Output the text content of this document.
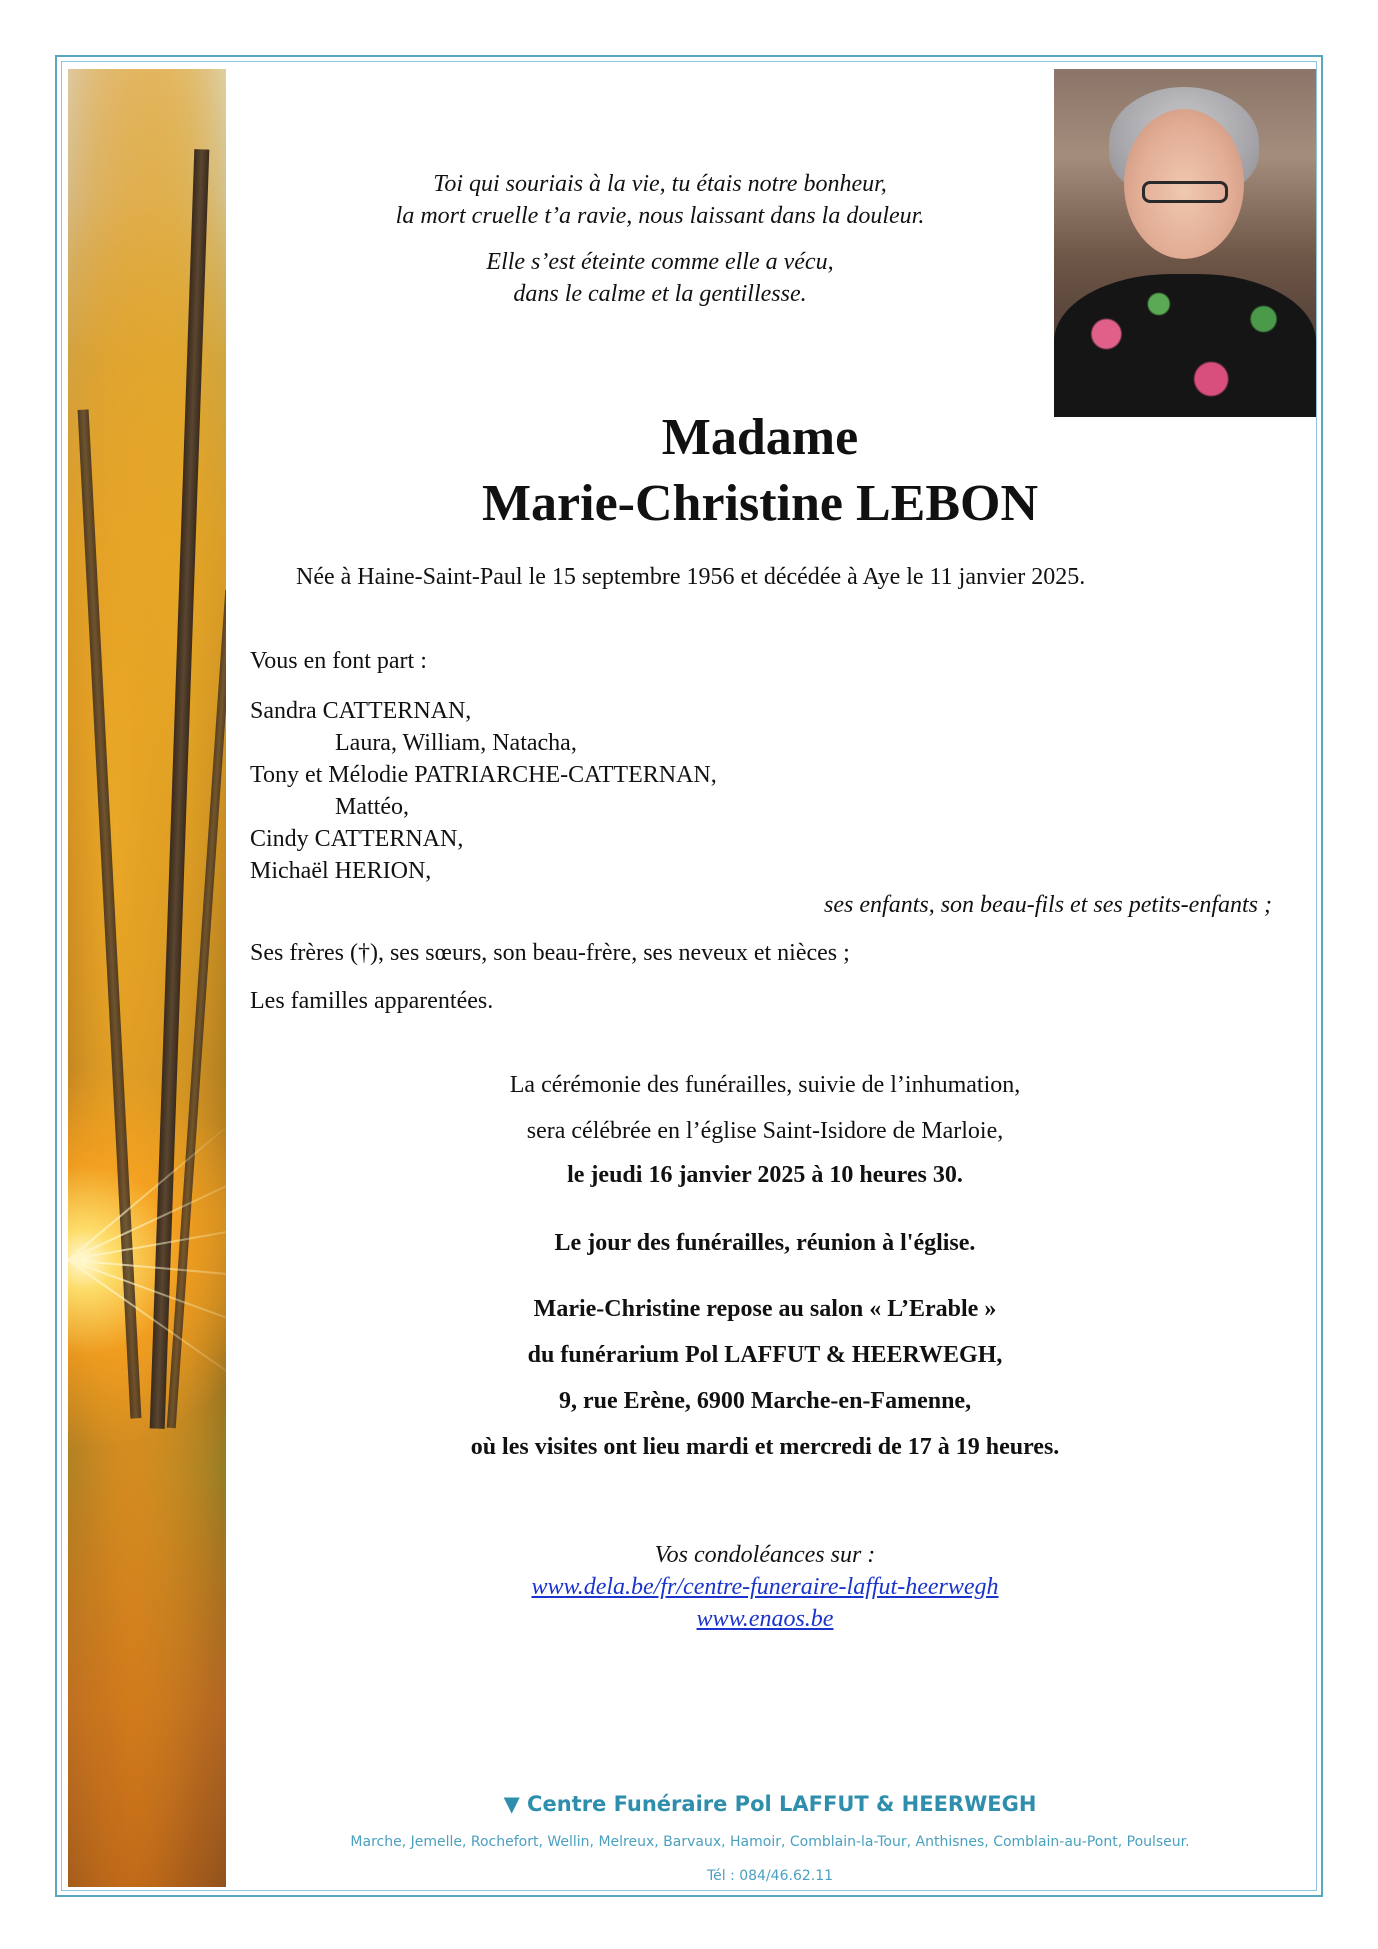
Toi qui souriais à la vie, tu étais notre bonheur,
la mort cruelle t’a ravie, nous laissant dans la douleur.
Elle s’est éteinte comme elle a vécu,
dans le calme et la gentillesse.
Madame
Marie-Christine LEBON
Née à Haine-Saint-Paul le 15 septembre 1956 et décédée à Aye le 11 janvier 2025.
Vous en font part :
Sandra CATTERNAN,
Laura, William, Natacha,
Tony et Mélodie PATRIARCHE-CATTERNAN,
Mattéo,
Cindy CATTERNAN,
Michaël HERION,
ses enfants, son beau-fils et ses petits-enfants ;
Ses frères (†), ses sœurs, son beau-frère, ses neveux et nièces ;
Les familles apparentées.
La cérémonie des funérailles, suivie de l’inhumation,
sera célébrée en l’église Saint-Isidore de Marloie,
le jeudi 16 janvier 2025 à 10 heures 30.
Le jour des funérailles, réunion à l'église.
Marie-Christine repose au salon « L’Erable »
du funérarium Pol LAFFUT & HEERWEGH,
9, rue Erène, 6900 Marche-en-Famenne,
où les visites ont lieu mardi et mercredi de 17 à 19 heures.
Vos condoléances sur :
www.dela.be/fr/centre-funeraire-laffut-heerwegh
www.enaos.be
▼ Centre Funéraire Pol LAFFUT & HEERWEGH
Marche, Jemelle, Rochefort, Wellin, Melreux, Barvaux, Hamoir, Comblain-la-Tour, Anthisnes, Comblain-au-Pont, Poulseur.
Tél : 084/46.62.11
